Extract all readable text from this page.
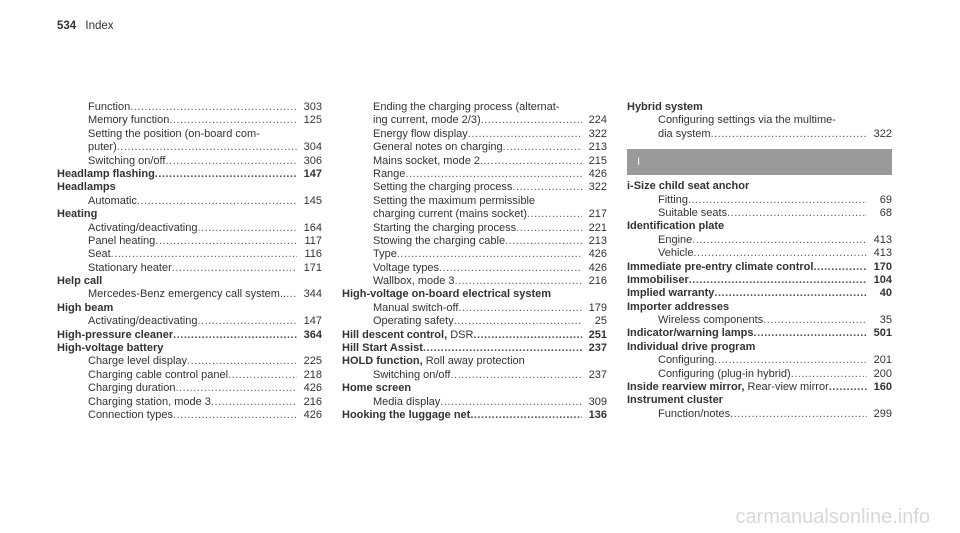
534 Index
Function .....	303
Memory function .....	125
Setting the position (on-board com-
puter) .....	304
Switching on/off .....	306
Headlamp flashing .....	147
Headlamps
Automatic .....	145
Heating
Activating/deactivating .....	164
Panel heating .....	117
Seat .....	116
Stationary heater .....	171
Help call
Mercedes-Benz emergency call system.. .....	344
High beam
Activating/deactivating .....	147
High-pressure cleaner .....	364
High-voltage battery
Charge level display .....	225
Charging cable control panel .....	218
Charging duration .....	426
Charging station, mode 3 .....	216
Connection types .....	426
Ending the charging process (alternat-
ing current, mode 2/3) .....	224
Energy flow display .....	322
General notes on charging .....	213
Mains socket, mode 2 .....	215
Range .....	426
Setting the charging process .....	322
Setting the maximum permissible
charging current (mains socket) .....	217
Starting the charging process .....	221
Stowing the charging cable .....	213
Type .....	426
Voltage types .....	426
Wallbox, mode 3 .....	216
High-voltage on-board electrical system
Manual switch-off .....	179
Operating safety .....	25
Hill descent control, DSR .....	251
Hill Start Assist .....	237
HOLD function, Roll away protection
Switching on/off .....	237
Home screen
Media display .....	309
Hooking the luggage net .....	136
Hybrid system
Configuring settings via the multime-
dia system .....	322
I
i-Size child seat anchor
Fitting .....	69
Suitable seats .....	68
Identification plate
Engine .....	413
Vehicle .....	413
Immediate pre-entry climate control .....	170
Immobiliser .....	104
Implied warranty .....	40
Importer addresses
Wireless components .....	35
Indicator/warning lamps .....	501
Individual drive program
Configuring .....	201
Configuring (plug-in hybrid) .....	200
Inside rearview mirror, Rear-view mirror .....	160
Instrument cluster
Function/notes .....	299
carmanualsonline.info
